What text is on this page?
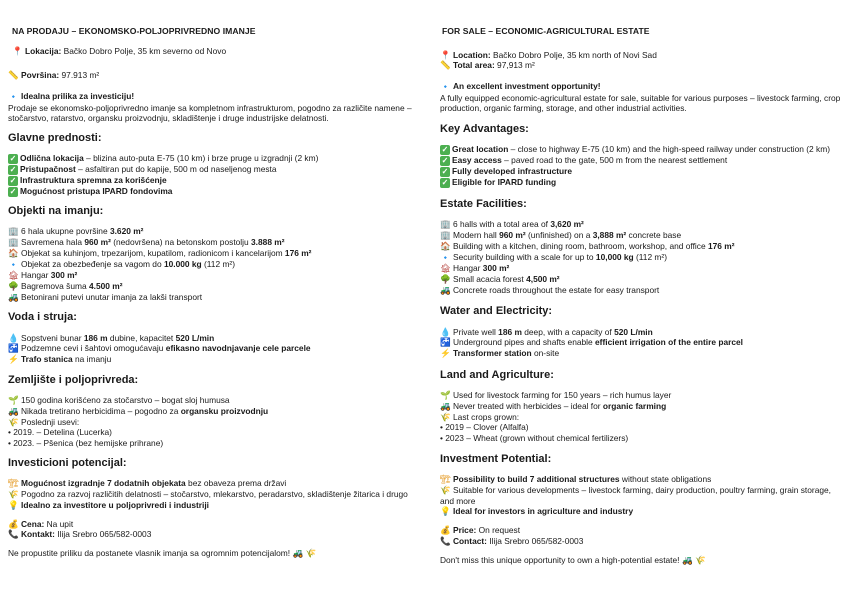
NA PRODAJU – EKONOMSKO-POLJOPRIVREDNO IMANJE
📍 Lokacija: Bačko Dobro Polje, 35 km severno od Novo
📏 Površina: 97.913 m²
🔹 Idealna prilika za investiciju!
Prodaje se ekonomsko-poljoprivredno imanje sa kompletnom infrastrukturom, pogodno za različite namene – stočarstvo, ratarstvo, organsku proizvodnju, skladištenje i druge industrijske delatnosti.
Glavne prednosti:
✓ Odlična lokacija – blizina auto-puta E-75 (10 km) i brze pruge u izgradnji (2 km)
✓ Pristupačnost – asfaltiran put do kapije, 500 m od naseljenog mesta
✓ Infrastruktura spremna za korišćenje
✓ Mogućnost pristupa IPARD fondovima
Objekti na imanju:
🏢 6 hala ukupne površine 3.620 m²
🏢 Savremena hala 960 m² (nedovršena) na betonskom postolju 3.888 m²
🏠 Objekat sa kuhinjom, trpezarijom, kupatilom, radionicom i kancelarijom 176 m²
🔹 Objekat za obezbeđenje sa vagom do 10.000 kg (112 m²)
🏚 Hangar 300 m²
🌳 Bagremova šuma 4.500 m²
🚜 Betonirani putevi unutar imanja za lakši transport
Voda i struja:
💧 Sopstveni bunar 186 m dubine, kapacitet 520 L/min
🚰 Podzemne cevi i šahtovi omogućavaju efikasno navodnjavanje cele parcele
⚡ Trafo stanica na imanju
Zemljište i poljoprivreda:
🌱 150 godina korišćeno za stočarstvo – bogat sloj humusa
🚜 Nikada tretirano herbicidima – pogodno za organsku proizvodnju
🌾 Poslednji usevi:
• 2019. – Detelina (Lucerka)
• 2023. – Pšenica (bez hemijske prihrane)
Investicioni potencijal:
🏗 Mogućnost izgradnje 7 dodatnih objekata bez obaveza prema državi
🌾 Pogodno za razvoj različitih delatnosti – stočarstvo, mlekarstvo, peradarstvo, skladištenje žitarica i drugo
💡 Idealno za investitore u poljoprivredi i industriji
💰 Cena: Na upit
📞 Kontakt: Ilija Srebro 065/582-0003
Ne propustite priliku da postanete vlasnik imanja sa ogromnim potencijalom! 🚜 🌾
FOR SALE – ECONOMIC-AGRICULTURAL ESTATE
📍 Location: Bačko Dobro Polje, 35 km north of Novi Sad
📏 Total area: 97,913 m²
🔹 An excellent investment opportunity!
A fully equipped economic-agricultural estate for sale, suitable for various purposes – livestock farming, crop production, organic farming, storage, and other industrial activities.
Key Advantages:
✓ Great location – close to highway E-75 (10 km) and the high-speed railway under construction (2 km)
✓ Easy access – paved road to the gate, 500 m from the nearest settlement
✓ Fully developed infrastructure
✓ Eligible for IPARD funding
Estate Facilities:
🏢 6 halls with a total area of 3,620 m²
🏢 Modern hall 960 m² (unfinished) on a 3,888 m² concrete base
🏠 Building with a kitchen, dining room, bathroom, workshop, and office 176 m²
🔹 Security building with a scale for up to 10,000 kg (112 m²)
🏚 Hangar 300 m²
🌳 Small acacia forest 4,500 m²
🚜 Concrete roads throughout the estate for easy transport
Water and Electricity:
💧 Private well 186 m deep, with a capacity of 520 L/min
🚰 Underground pipes and shafts enable efficient irrigation of the entire parcel
⚡ Transformer station on-site
Land and Agriculture:
🌱 Used for livestock farming for 150 years – rich humus layer
🚜 Never treated with herbicides – ideal for organic farming
🌾 Last crops grown:
• 2019 – Clover (Alfalfa)
• 2023 – Wheat (grown without chemical fertilizers)
Investment Potential:
🏗 Possibility to build 7 additional structures without state obligations
🌾 Suitable for various developments – livestock farming, dairy production, poultry farming, grain storage, and more
💡 Ideal for investors in agriculture and industry
💰 Price: On request
📞 Contact: Ilija Srebro 065/582-0003
Don't miss this unique opportunity to own a high-potential estate! 🚜 🌾
